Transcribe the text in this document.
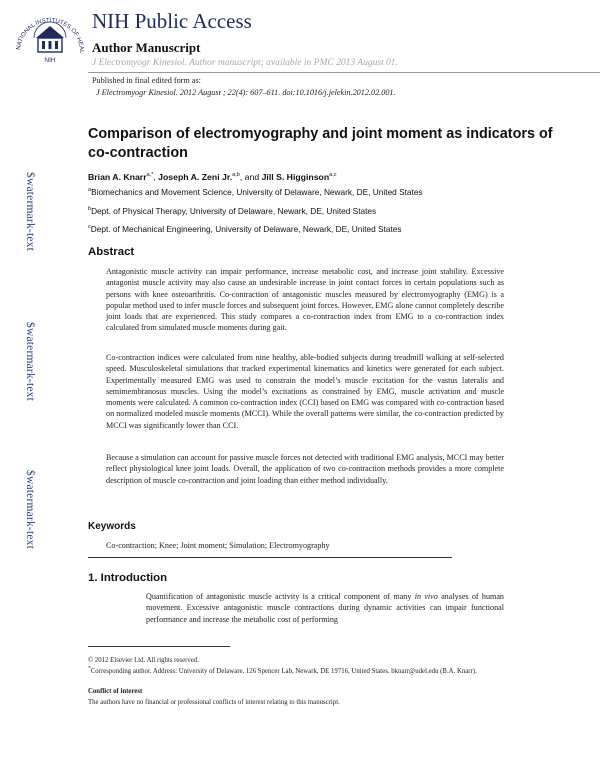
NATIONAL INSTITUTES OF HEAL
NIH
NIH Public Access
Author Manuscript
J Electromyogr Kinesiol. Author manuscript; available in PMC 2013 August 01.
Published in final edited form as:
J Electromyogr Kinesiol. 2012 August ; 22(4): 607–611. doi:10.1016/j.jelekin.2012.02.001.
$watermark-text
$watermark-text
$watermark-text
Comparison of electromyography and joint moment as indicators of co-contraction
Brian A. Knarr$^{a,*}$, Joseph A. Zeni Jr.$^{a,b}$, and Jill S. Higginson$^{a,c}$
$^a$Biomechanics and Movement Science, University of Delaware, Newark, DE, United States
$^b$Dept. of Physical Therapy, University of Delaware, Newark, DE, United States
$^c$Dept. of Mechanical Engineering, University of Delaware, Newark, DE, United States
Abstract
Antagonistic muscle activity can impair performance, increase metabolic cost, and increase joint stability. Excessive antagonist muscle activity may also cause an undesirable increase in joint contact forces in certain populations such as persons with knee osteoarthritis. Co-contraction of antagonistic muscles measured by electromyography (EMG) is a popular method used to infer muscle forces and subsequent joint forces. However, EMG alone cannot completely describe joint loads that are experienced. This study compares a co-contraction index from EMG to a co-contraction index calculated from simulated muscle moments during gait.
Co-contraction indices were calculated from nine healthy, able-bodied subjects during treadmill walking at self-selected speed. Musculoskeletal simulations that tracked experimental kinematics and kinetics were generated for each subject. Experimentally measured EMG was used to constrain the model’s muscle excitation for the vastus lateralis and semimembranosus muscles. Using the model’s excitations as constrained by EMG, muscle activation and muscle moments were calculated. A common co-contraction index (CCI) based on EMG was compared with co-contraction based on normalized modeled muscle moments (MCCI). While the overall patterns were similar, the co-contraction predicted by MCCI was significantly lower than CCI.
Because a simulation can account for passive muscle forces not detected with traditional EMG analysis, MCCI may better reflect physiological knee joint loads. Overall, the application of two co-contraction methods provides a more complete description of muscle co-contraction and joint loading than either method individually.
Keywords
Co-contraction; Knee; Joint moment; Simulation; Electromyography
1. Introduction
Quantification of antagonistic muscle activity is a critical component of many in vivo analyses of human movement. Excessive antagonistic muscle contractions during dynamic activities can impair functional performance and increase the metabolic cost of performing
© 2012 Elsevier Ltd. All rights reserved.
*Corresponding author. Address: University of Delaware, 126 Spencer Lab, Newark, DE 19716, United States. bknarr@udel.edu (B.A. Knarr).
Conflict of interest
The authors have no financial or professional conflicts of interest relating to this manuscript.
